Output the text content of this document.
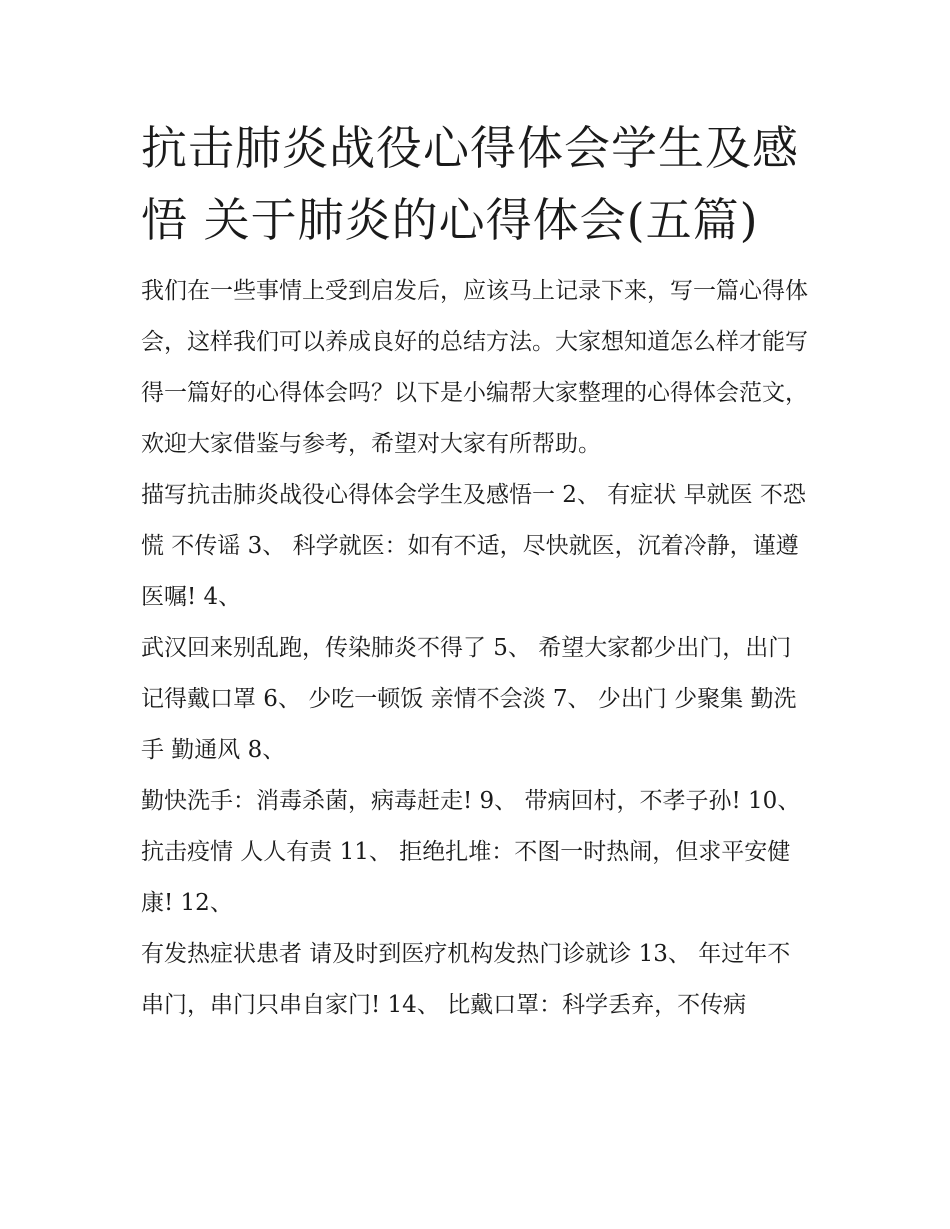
抗击肺炎战役心得体会学生及感悟 关于肺炎的心得体会(五篇)

我们在一些事情上受到启发后，应该马上记录下来，写一篇心得体会，这样我们可以养成良好的总结方法。大家想知道怎么样才能写得一篇好的心得体会吗？以下是小编帮大家整理的心得体会范文，欢迎大家借鉴与参考，希望对大家有所帮助。

描写抗击肺炎战役心得体会学生及感悟一 2、 有症状 早就医 不恐慌 不传谣 3、 科学就医：如有不适，尽快就医，沉着冷静，谨遵医嘱! 4、

武汉回来别乱跑，传染肺炎不得了 5、 希望大家都少出门，出门记得戴口罩 6、 少吃一顿饭 亲情不会淡 7、 少出门 少聚集 勤洗手 勤通风 8、

勤快洗手：消毒杀菌，病毒赶走! 9、 带病回村，不孝子孙! 10、 抗击疫情 人人有责 11、 拒绝扎堆：不图一时热闹，但求平安健康! 12、

有发热症状患者 请及时到医疗机构发热门诊就诊 13、 年过年不串门，串门只串自家门! 14、 比戴口罩：科学丢弃，不传病
